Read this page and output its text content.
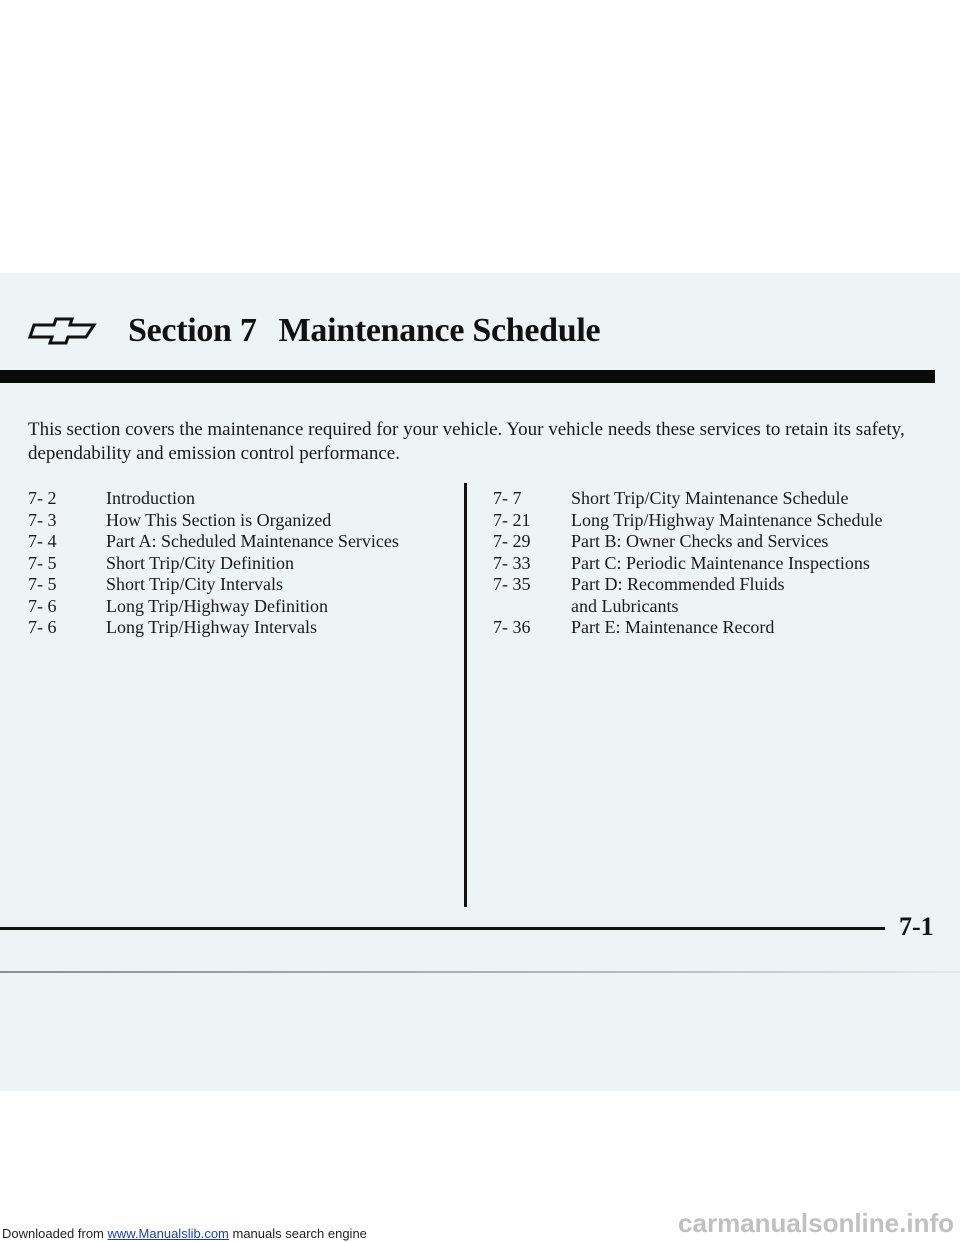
Section 7 Maintenance Schedule
This section covers the maintenance required for your vehicle. Your vehicle needs these services to retain its safety, dependability and emission control performance.
7- 2	Introduction
7- 3	How This Section is Organized
7- 4	Part A: Scheduled Maintenance Services
7- 5	Short Trip/City Definition
7- 5	Short Trip/City Intervals
7- 6	Long Trip/Highway Definition
7- 6	Long Trip/Highway Intervals
7- 7	Short Trip/City Maintenance Schedule
7- 21	Long Trip/Highway Maintenance Schedule
7- 29	Part B: Owner Checks and Services
7- 33	Part C: Periodic Maintenance Inspections
7- 35	Part D: Recommended Fluids
and Lubricants
7- 36	Part E: Maintenance Record
7-1
carmanualsonline.info
Downloaded from www.Manualslib.com manuals search engine
